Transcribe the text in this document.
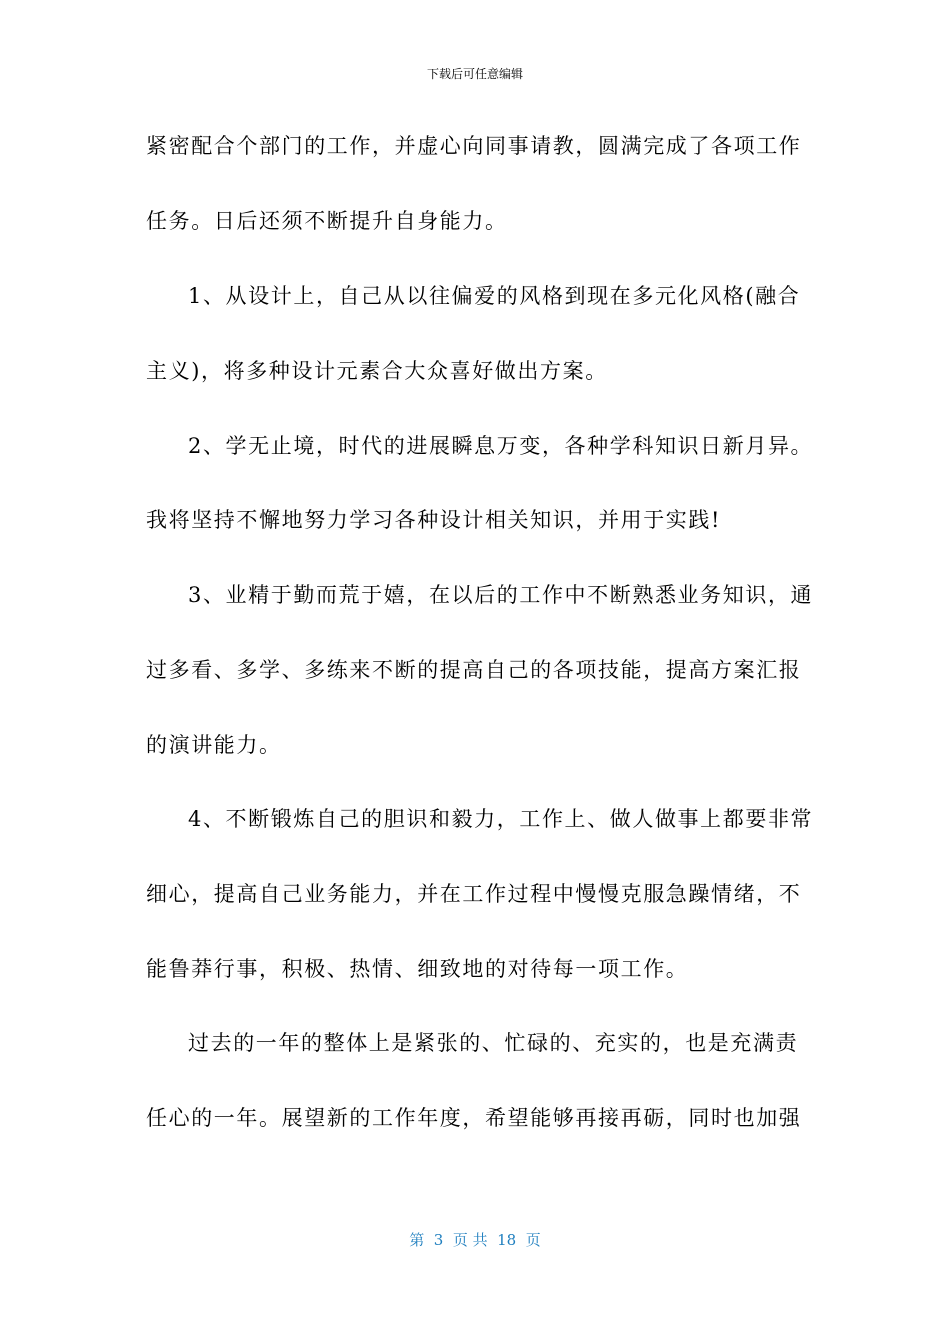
下载后可任意编辑
紧密配合个部门的工作，并虚心向同事请教，圆满完成了各项工作
任务。日后还须不断提升自身能力。
1、从设计上，自己从以往偏爱的风格到现在多元化风格(融合
主义)，将多种设计元素合大众喜好做出方案。
2、学无止境，时代的进展瞬息万变，各种学科知识日新月异。
我将坚持不懈地努力学习各种设计相关知识，并用于实践!
3、业精于勤而荒于嬉，在以后的工作中不断熟悉业务知识，通
过多看、多学、多练来不断的提高自己的各项技能，提高方案汇报
的演讲能力。
4、不断锻炼自己的胆识和毅力，工作上、做人做事上都要非常
细心，提高自己业务能力，并在工作过程中慢慢克服急躁情绪，不
能鲁莽行事，积极、热情、细致地的对待每一项工作。
过去的一年的整体上是紧张的、忙碌的、充实的，也是充满责
任心的一年。展望新的工作年度，希望能够再接再砺，同时也加强
第  3  页 共  18  页
